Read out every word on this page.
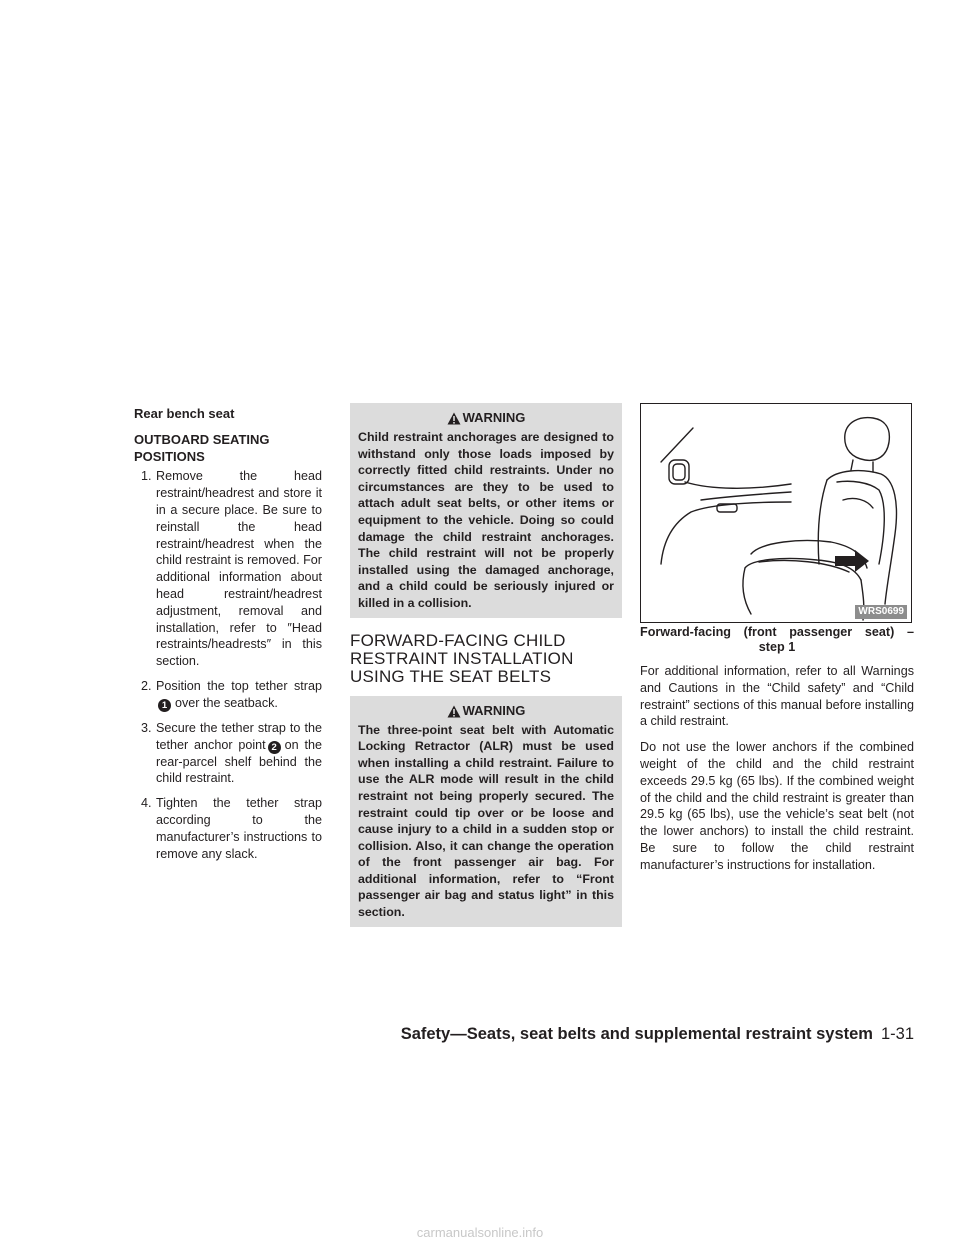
Rear bench seat
OUTBOARD SEATING POSITIONS
1. Remove the head restraint/headrest and store it in a secure place. Be sure to reinstall the head restraint/headrest when the child restraint is removed. For additional information about head restraint/headrest adjustment, removal and installation, refer to ″Head restraints/headrests″ in this section.
2. Position the top tether strap1 over the seatback.
3. Secure the tether strap to the tether anchor point 2 on the rear-parcel shelf behind the child restraint.
4. Tighten the tether strap according to the manufacturer’s instructions to remove any slack.
WARNING
Child restraint anchorages are designed to withstand only those loads imposed by correctly fitted child restraints. Under no circumstances are they to be used to attach adult seat belts, or other items or equipment to the vehicle. Doing so could damage the child restraint anchorages. The child restraint will not be properly installed using the damaged anchorage, and a child could be seriously injured or killed in a collision.
FORWARD-FACING CHILD RESTRAINT INSTALLATION USING THE SEAT BELTS
WARNING
The three-point seat belt with Automatic Locking Retractor (ALR) must be used when installing a child restraint. Failure to use the ALR mode will result in the child restraint not being properly secured. The restraint could tip over or be loose and cause injury to a child in a sudden stop or collision. Also, it can change the operation of the front passenger air bag. For additional information, refer to “Front passenger air bag and status light” in this section.
WRS0699
Forward-facing (front passenger seat) –
step 1

For additional information, refer to all Warnings and Cautions in the “Child safety” and “Child restraint” sections of this manual before installing a child restraint.

Do not use the lower anchors if the combined weight of the child and the child restraint exceeds 29.5 kg (65 lbs). If the combined weight of the child and the child restraint is greater than 29.5 kg (65 lbs), use the vehicle’s seat belt (not the lower anchors) to install the child restraint. Be sure to follow the child restraint manufacturer’s instructions for installation.

Safety—Seats, seat belts and supplemental restraint system 1-31
carmanualsonline.info
